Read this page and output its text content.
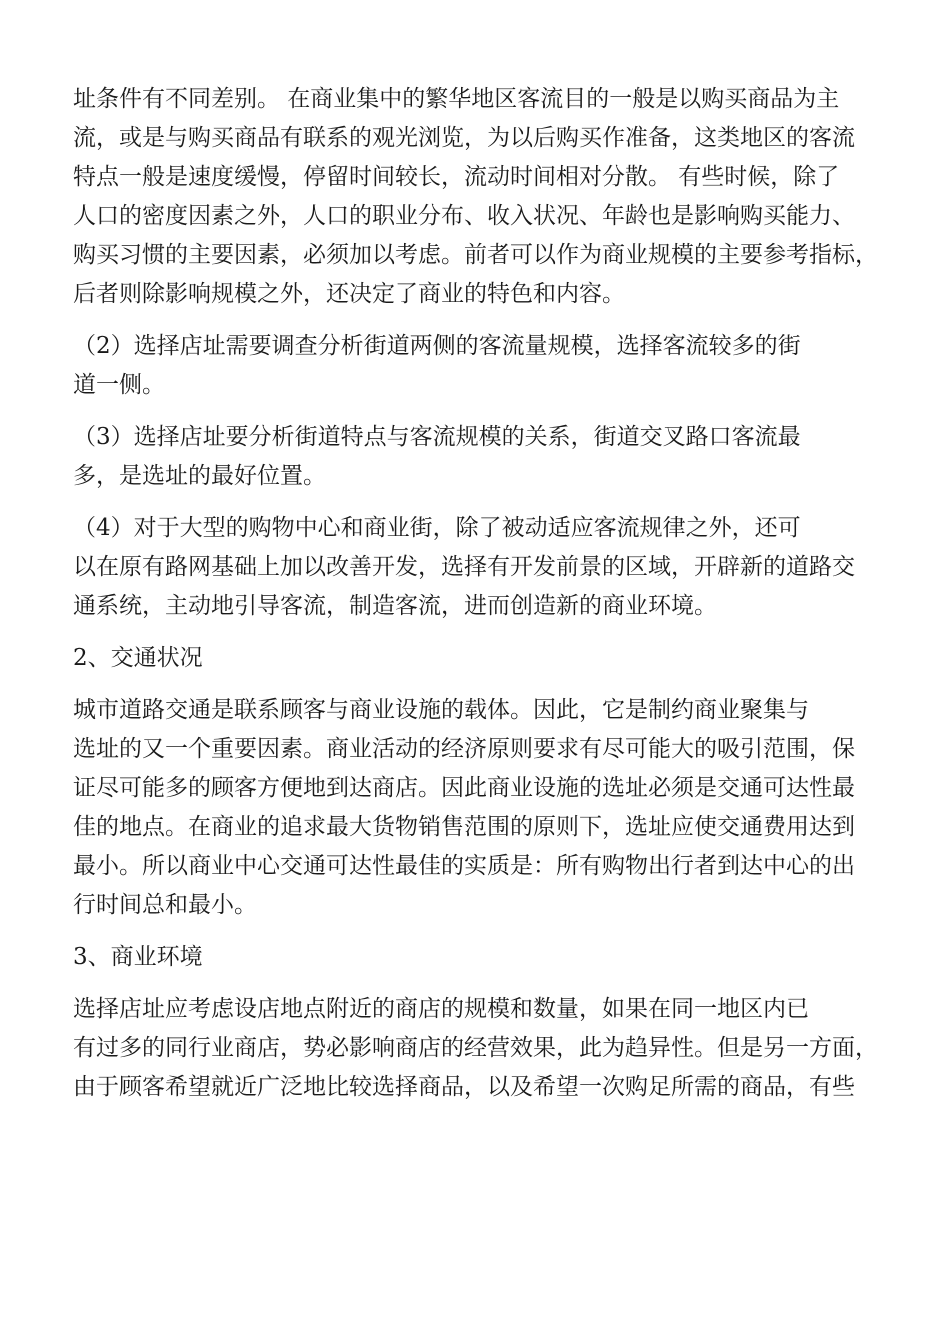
址条件有不同差别。 在商业集中的繁华地区客流目的一般是以购买商品为主
流，或是与购买商品有联系的观光浏览，为以后购买作准备，这类地区的客流
特点一般是速度缓慢，停留时间较长，流动时间相对分散。 有些时候，除了
人口的密度因素之外，人口的职业分布、收入状况、年龄也是影响购买能力、
购买习惯的主要因素，必须加以考虑。前者可以作为商业规模的主要参考指标，
后者则除影响规模之外，还决定了商业的特色和内容。
（2）选择店址需要调查分析街道两侧的客流量规模，选择客流较多的街
道一侧。
（3）选择店址要分析街道特点与客流规模的关系，街道交叉路口客流最
多，是选址的最好位置。
（4）对于大型的购物中心和商业街，除了被动适应客流规律之外，还可
以在原有路网基础上加以改善开发，选择有开发前景的区域，开辟新的道路交
通系统，主动地引导客流，制造客流，进而创造新的商业环境。
2、交通状况
城市道路交通是联系顾客与商业设施的载体。因此，它是制约商业聚集与
选址的又一个重要因素。商业活动的经济原则要求有尽可能大的吸引范围，保
证尽可能多的顾客方便地到达商店。因此商业设施的选址必须是交通可达性最
佳的地点。在商业的追求最大货物销售范围的原则下，选址应使交通费用达到
最小。所以商业中心交通可达性最佳的实质是：所有购物出行者到达中心的出
行时间总和最小。
3、商业环境
选择店址应考虑设店地点附近的商店的规模和数量，如果在同一地区内已
有过多的同行业商店，势必影响商店的经营效果，此为趋异性。但是另一方面，
由于顾客希望就近广泛地比较选择商品，以及希望一次购足所需的商品，有些
